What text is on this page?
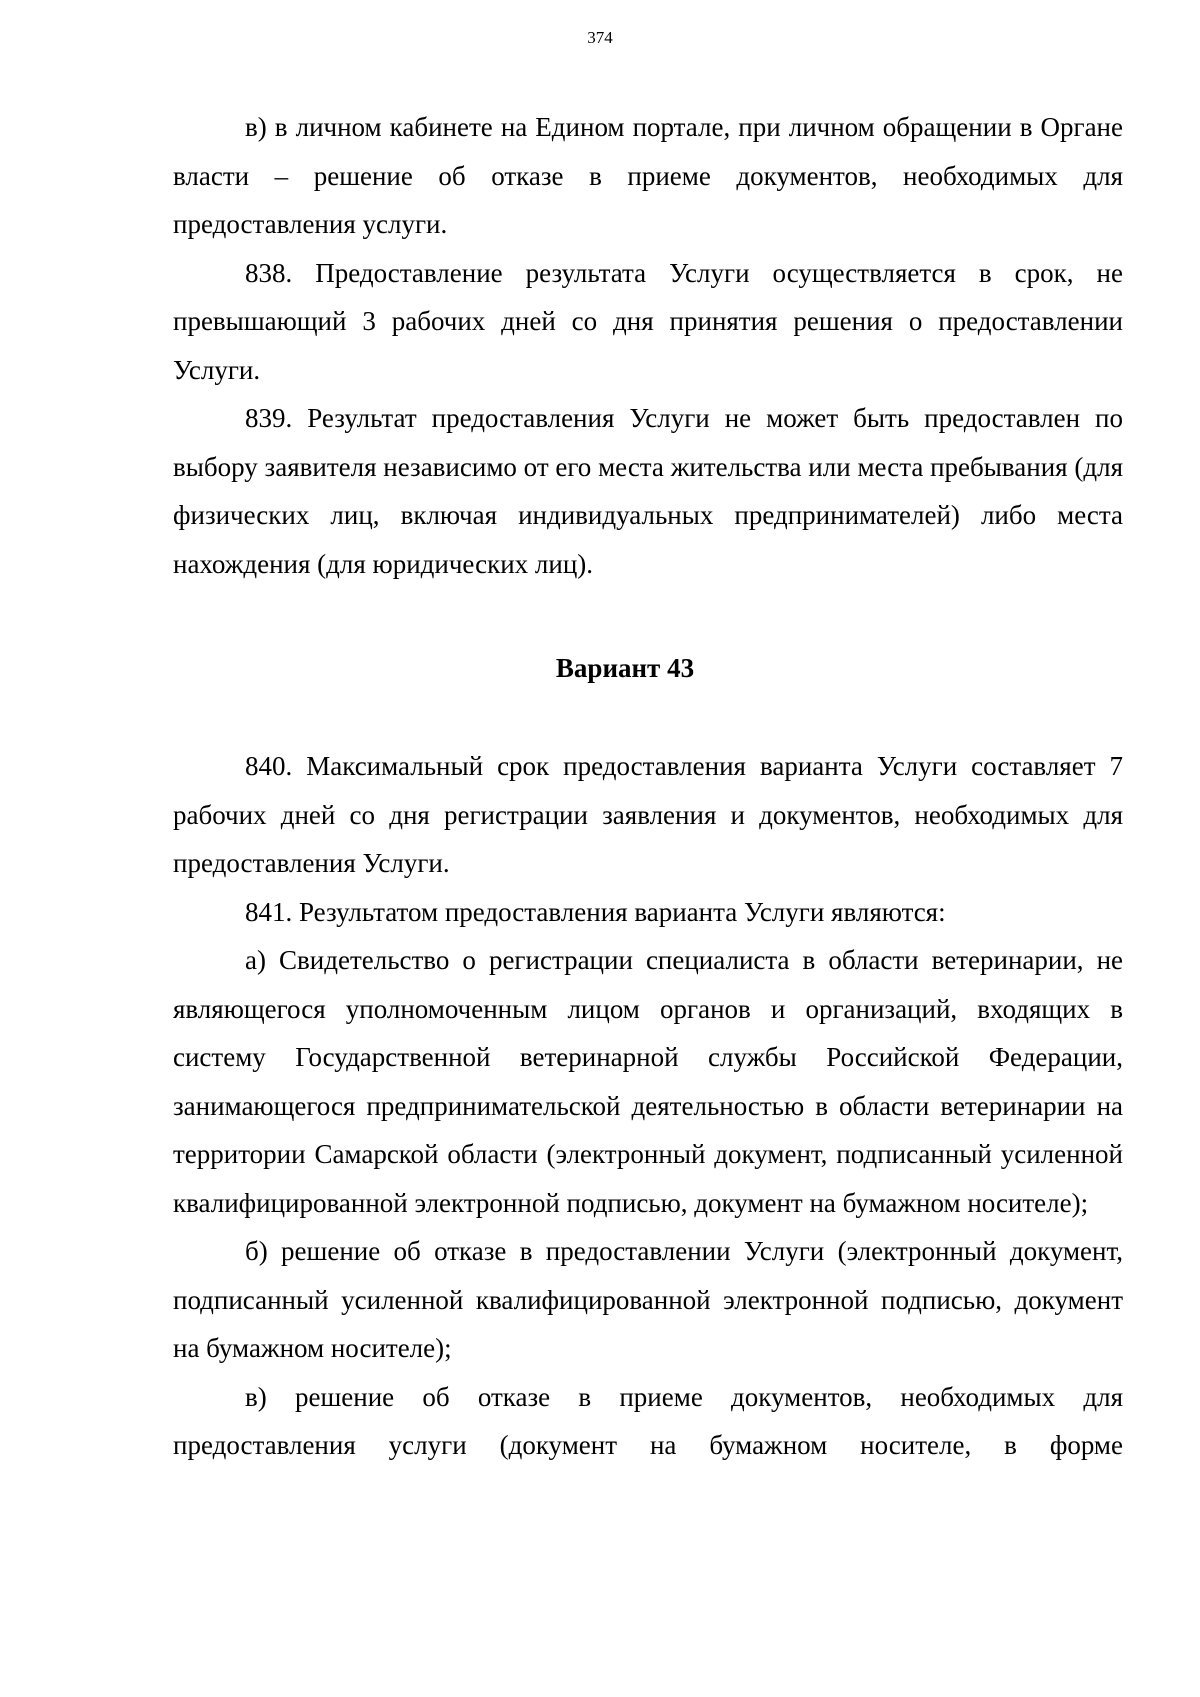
374

в) в личном кабинете на Едином портале, при личном обращении в Органе власти – решение об отказе в приеме документов, необходимых для предоставления услуги.

838. Предоставление результата Услуги осуществляется в срок, не превышающий 3 рабочих дней со дня принятия решения о предоставлении Услуги.

839. Результат предоставления Услуги не может быть предоставлен по выбору заявителя независимо от его места жительства или места пребывания (для физических лиц, включая индивидуальных предпринимателей) либо места нахождения (для юридических лиц).

Вариант 43

840. Максимальный срок предоставления варианта Услуги составляет 7 рабочих дней со дня регистрации заявления и документов, необходимых для предоставления Услуги.

841. Результатом предоставления варианта Услуги являются:

а) Свидетельство о регистрации специалиста в области ветеринарии, не являющегося уполномоченным лицом органов и организаций, входящих в систему Государственной ветеринарной службы Российской Федерации, занимающегося предпринимательской деятельностью в области ветеринарии на территории Самарской области (электронный документ, подписанный усиленной квалифицированной электронной подписью, документ на бумажном носителе);

б) решение об отказе в предоставлении Услуги (электронный документ, подписанный усиленной квалифицированной электронной подписью, документ на бумажном носителе);

в) решение об отказе в приеме документов, необходимых для предоставления услуги (документ на бумажном носителе, в форме
